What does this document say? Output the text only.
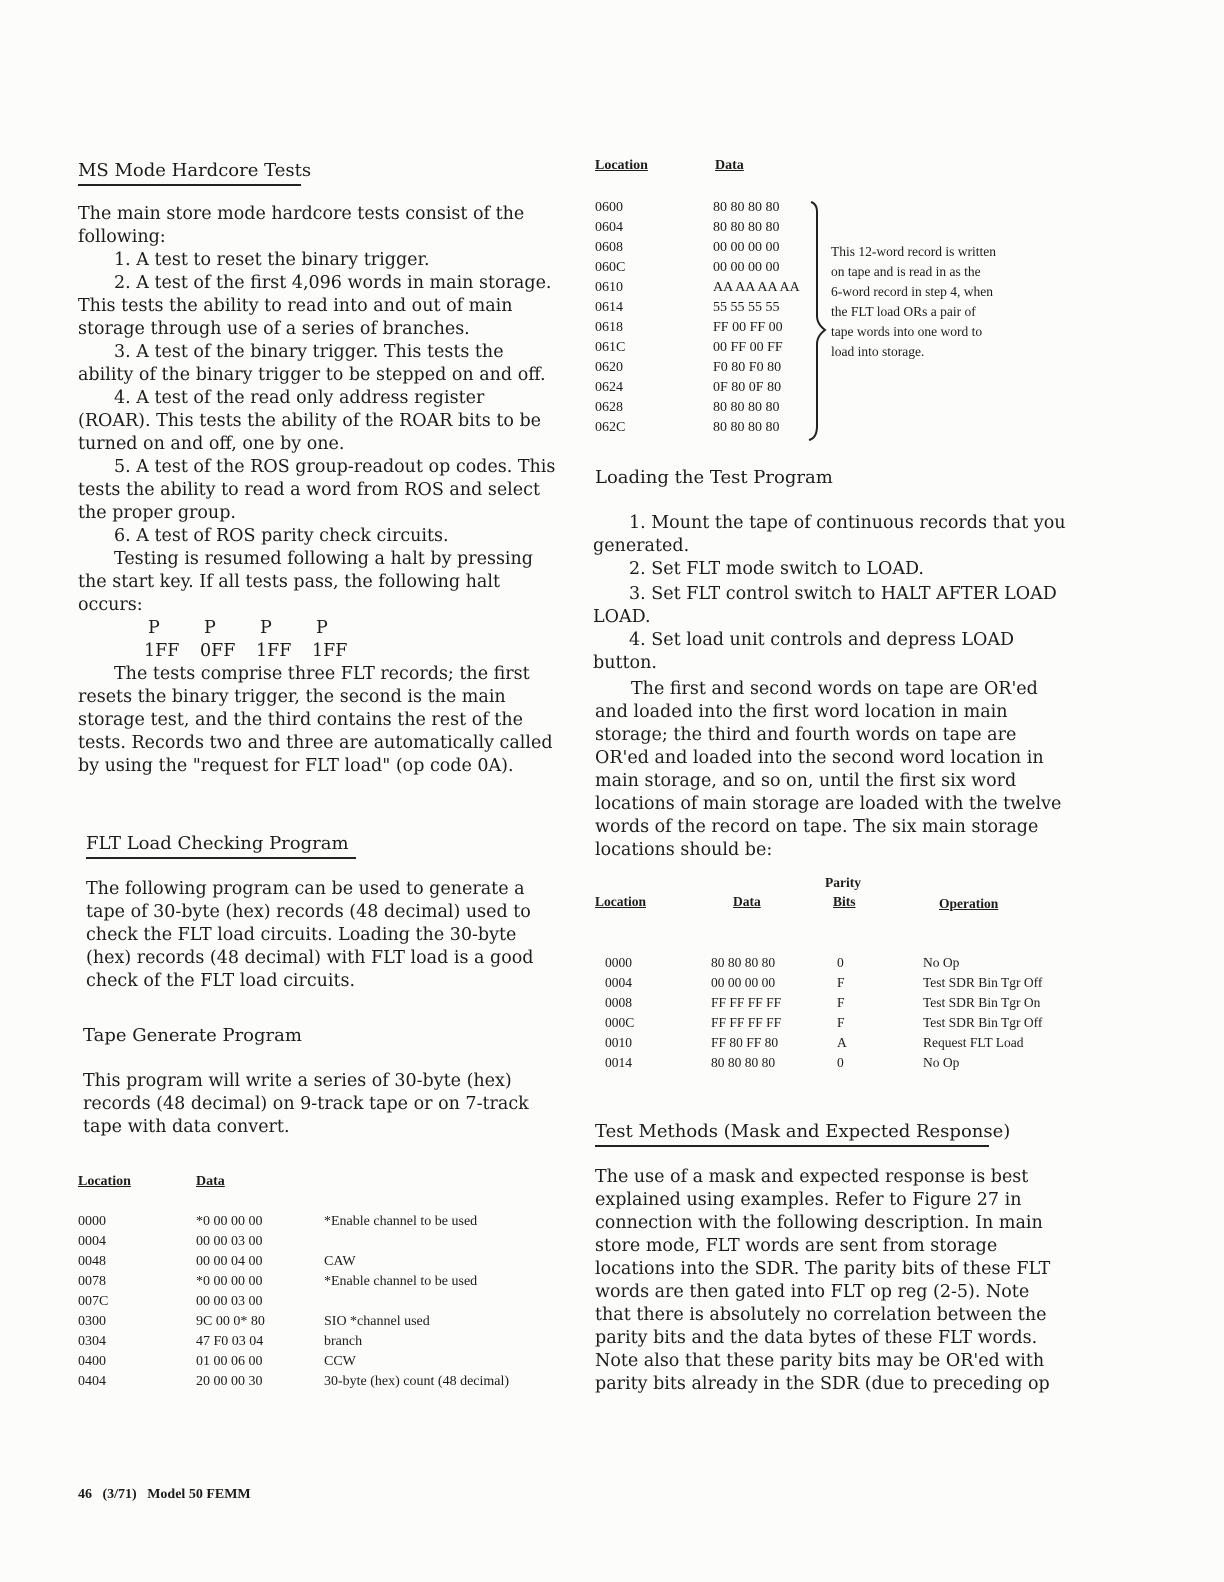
MS Mode Hardcore Tests
The main store mode hardcore tests consist of the following:
1. A test to reset the binary trigger.
2. A test of the first 4,096 words in main storage. This tests the ability to read into and out of main storage through use of a series of branches.
3. A test of the binary trigger. This tests the ability of the binary trigger to be stepped on and off.
4. A test of the read only address register (ROAR). This tests the ability of the ROAR bits to be turned on and off, one by one.
5. A test of the ROS group-readout op codes. This tests the ability to read a word from ROS and select the proper group.
6. A test of ROS parity check circuits.
Testing is resumed following a halt by pressing the start key. If all tests pass, the following halt occurs:
P	P	P	P
1FF 0FF 1FF 1FF
The tests comprise three FLT records; the first resets the binary trigger, the second is the main storage test, and the third contains the rest of the tests. Records two and three are automatically called by using the "request for FLT load" (op code 0A).
FLT Load Checking Program
The following program can be used to generate a tape of 30-byte (hex) records (48 decimal) used to check the FLT load circuits. Loading the 30-byte (hex) records (48 decimal) with FLT load is a good check of the FLT load circuits.
Tape Generate Program
This program will write a series of 30-byte (hex) records (48 decimal) on 9-track tape or on 7-track tape with data convert.
Location	Data
0000	*0 00 00 00	*Enable channel to be used
0004	00 00 03 00
0048	00 00 04 00	CAW
0078	*0 00 00 00	*Enable channel to be used
007C	00 00 03 00
0300	9C 00 0* 80	SIO *channel used
0304	47 F0 03 04	branch
0400	01 00 06 00	CCW
0404	20 00 00 30	30-byte (hex) count (48 decimal)
46 (3/71) Model 50 FEMM
Location	Data
0600	80 80 80 80
0604	80 80 80 80
0608	00 00 00 00
060C	00 00 00 00
0610	AA AA AA AA
0614	55 55 55 55
0618	FF 00 FF 00
061C	00 FF 00 FF
0620	F0 80 F0 80
0624	0F 80 0F 80
0628	80 80 80 80
062C	80 80 80 80
This 12-word record is written
on tape and is read in as the
6-word record in step 4, when
the FLT load ORs a pair of
tape words into one word to
load into storage.
Loading the Test Program
1. Mount the tape of continuous records that you generated.
2. Set FLT mode switch to LOAD.
3. Set FLT control switch to HALT AFTER LOAD LOAD.
4. Set load unit controls and depress LOAD button.
The first and second words on tape are OR'ed and loaded into the first word location in main storage; the third and fourth words on tape are OR'ed and loaded into the second word location in main storage, and so on, until the first six word locations of main storage are loaded with the twelve words of the record on tape. The six main storage locations should be:
Location	Data
Parity
Bits	Operation
0000	80 80 80 80	0	No Op
0004	00 00 00 00	F	Test SDR Bin Tgr Off
0008	FF FF FF FF	F	Test SDR Bin Tgr On
000C	FF FF FF FF	F	Test SDR Bin Tgr Off
0010	FF 80 FF 80	A	Request FLT Load
0014	80 80 80 80	0	No Op
Test Methods (Mask and Expected Response)
The use of a mask and expected response is best explained using examples. Refer to Figure 27 in connection with the following description. In main store mode, FLT words are sent from storage locations into the SDR. The parity bits of these FLT words are then gated into FLT op reg (2-5). Note that there is absolutely no correlation between the parity bits and the data bytes of these FLT words. Note also that these parity bits may be OR'ed with parity bits already in the SDR (due to preceding op
